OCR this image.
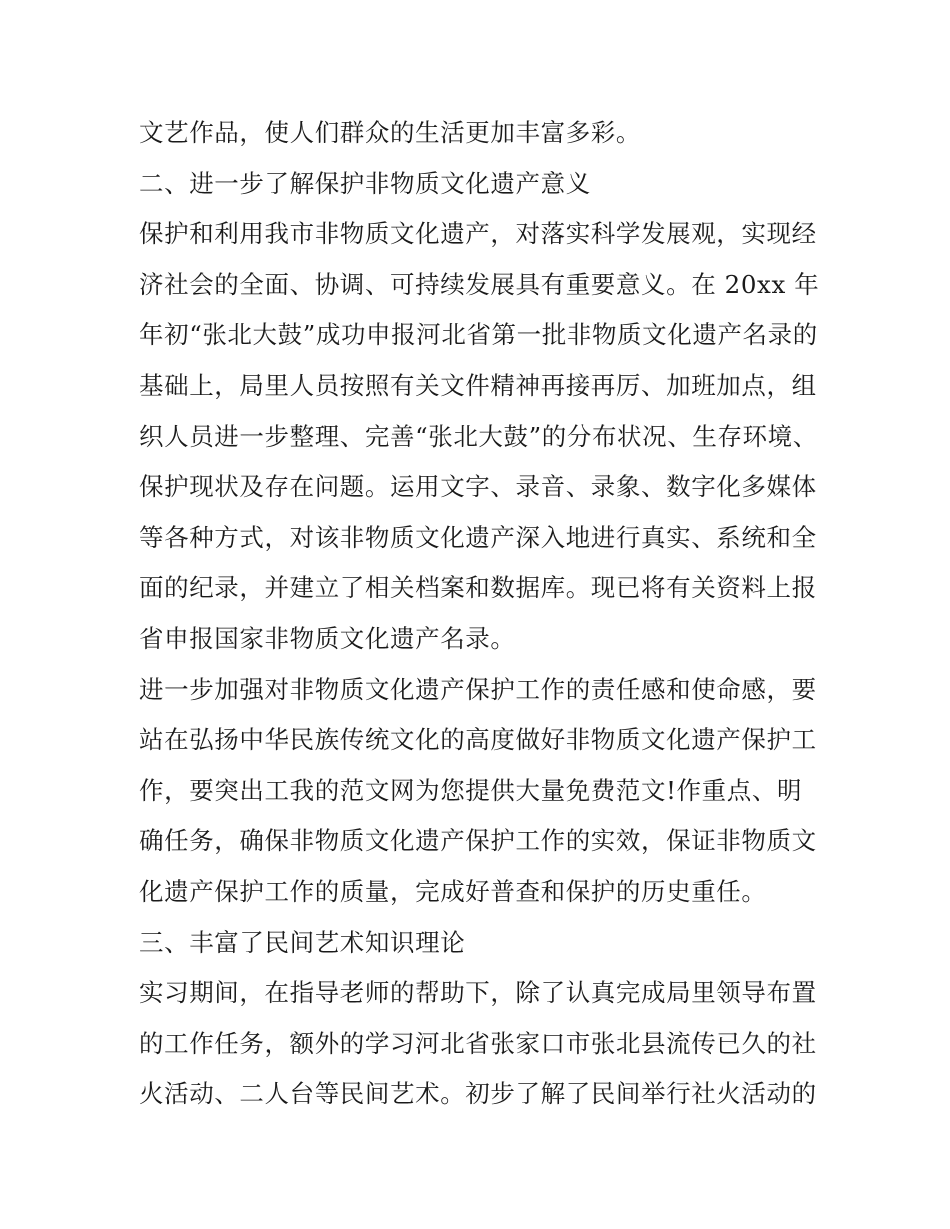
文艺作品，使人们群众的生活更加丰富多彩。
二、进一步了解保护非物质文化遗产意义
保护和利用我市非物质文化遗产，对落实科学发展观，实现经
济社会的全面、协调、可持续发展具有重要意义。在 20xx 年
年初“张北大鼓”成功申报河北省第一批非物质文化遗产名录的
基础上，局里人员按照有关文件精神再接再厉、加班加点，组
织人员进一步整理、完善“张北大鼓”的分布状况、生存环境、
保护现状及存在问题。运用文字、录音、录象、数字化多媒体
等各种方式，对该非物质文化遗产深入地进行真实、系统和全
面的纪录，并建立了相关档案和数据库。现已将有关资料上报
省申报国家非物质文化遗产名录。
进一步加强对非物质文化遗产保护工作的责任感和使命感，要
站在弘扬中华民族传统文化的高度做好非物质文化遗产保护工
作，要突出工我的范文网为您提供大量免费范文!作重点、明
确任务，确保非物质文化遗产保护工作的实效，保证非物质文
化遗产保护工作的质量，完成好普查和保护的历史重任。
三、丰富了民间艺术知识理论
实习期间，在指导老师的帮助下，除了认真完成局里领导布置
的工作任务，额外的学习河北省张家口市张北县流传已久的社
火活动、二人台等民间艺术。初步了解了民间举行社火活动的
